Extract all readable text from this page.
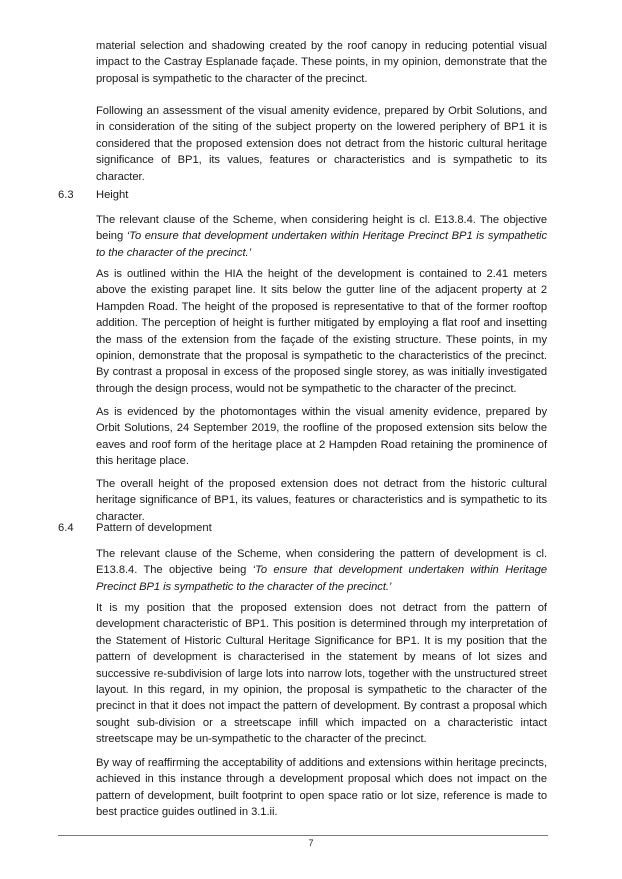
material selection and shadowing created by the roof canopy in reducing potential visual impact to the Castray Esplanade façade. These points, in my opinion, demonstrate that the proposal is sympathetic to the character of the precinct.

Following an assessment of the visual amenity evidence, prepared by Orbit Solutions, and in consideration of the siting of the subject property on the lowered periphery of BP1 it is considered that the proposed extension does not detract from the historic cultural heritage significance of BP1, its values, features or characteristics and is sympathetic to its character.

6.3 Height

The relevant clause of the Scheme, when considering height is cl. E13.8.4. The objective being ‘To ensure that development undertaken within Heritage Precinct BP1 is sympathetic to the character of the precinct.’

As is outlined within the HIA the height of the development is contained to 2.41 meters above the existing parapet line. It sits below the gutter line of the adjacent property at 2 Hampden Road. The height of the proposed is representative to that of the former rooftop addition. The perception of height is further mitigated by employing a flat roof and insetting the mass of the extension from the façade of the existing structure. These points, in my opinion, demonstrate that the proposal is sympathetic to the characteristics of the precinct. By contrast a proposal in excess of the proposed single storey, as was initially investigated through the design process, would not be sympathetic to the character of the precinct.

As is evidenced by the photomontages within the visual amenity evidence, prepared by Orbit Solutions, 24 September 2019, the roofline of the proposed extension sits below the eaves and roof form of the heritage place at 2 Hampden Road retaining the prominence of this heritage place.

The overall height of the proposed extension does not detract from the historic cultural heritage significance of BP1, its values, features or characteristics and is sympathetic to its character.

6.4 Pattern of development

The relevant clause of the Scheme, when considering the pattern of development is cl. E13.8.4. The objective being ‘To ensure that development undertaken within Heritage Precinct BP1 is sympathetic to the character of the precinct.’

It is my position that the proposed extension does not detract from the pattern of development characteristic of BP1. This position is determined through my interpretation of the Statement of Historic Cultural Heritage Significance for BP1. It is my position that the pattern of development is characterised in the statement by means of lot sizes and successive re-subdivision of large lots into narrow lots, together with the unstructured street layout. In this regard, in my opinion, the proposal is sympathetic to the character of the precinct in that it does not impact the pattern of development. By contrast a proposal which sought sub-division or a streetscape infill which impacted on a characteristic intact streetscape may be un-sympathetic to the character of the precinct.

By way of reaffirming the acceptability of additions and extensions within heritage precincts, achieved in this instance through a development proposal which does not impact on the pattern of development, built footprint to open space ratio or lot size, reference is made to best practice guides outlined in 3.1.ii.

7
